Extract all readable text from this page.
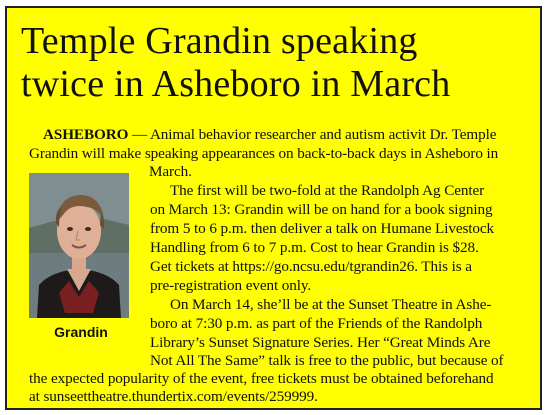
Temple Grandin speaking
twice in Asheboro in March
ASHEBORO — Animal behavior researcher and autism activit Dr. Temple
Grandin will make speaking appearances on back-to-back days in Asheboro in
March.
Grandin
The first will be two-fold at the Randolph Ag Center
on March 13: Grandin will be on hand for a book signing
from 5 to 6 p.m. then deliver a talk on Humane Livestock
Handling from 6 to 7 p.m. Cost to hear Grandin is $28.
Get tickets at https://go.ncsu.edu/tgrandin26. This is a
pre-registration event only.
On March 14, she’ll be at the Sunset Theatre in Ashe-
boro at 7:30 p.m. as part of the Friends of the Randolph
Library’s Sunset Signature Series. Her “Great Minds Are
Not All The Same” talk is free to the public, but because of
the expected popularity of the event, free tickets must be obtained beforehand
at sunseettheatre.thundertix.com/events/259999.
